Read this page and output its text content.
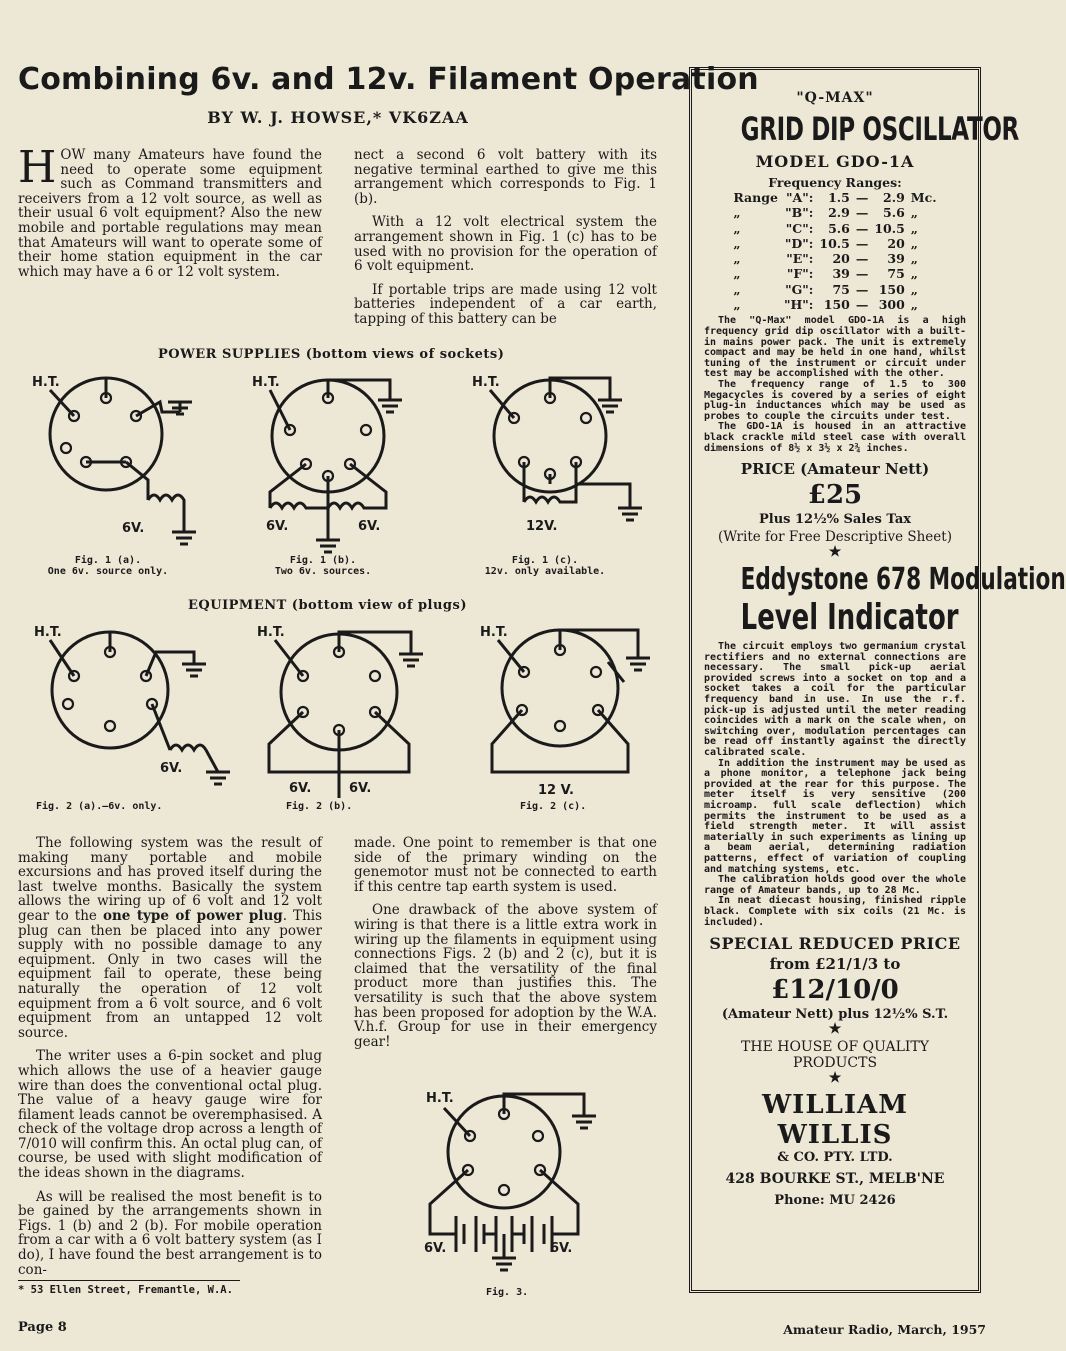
Combining 6v. and 12v. Filament Operation
BY W. J. HOWSE,* VK6ZAA

HOW many Amateurs have found the need to operate some equipment such as Command transmitters and receivers from a 12 volt source, as well as their usual 6 volt equipment? Also the new mobile and portable regulations may mean that Amateurs will want to operate some of their home station equipment in the car which may have a 6 or 12 volt system.

nect a second 6 volt battery with its negative terminal earthed to give me this arrangement which corresponds to Fig. 1 (b).

With a 12 volt electrical system the arrangement shown in Fig. 1 (c) has to be used with no provision for the operation of 6 volt equipment.

If portable trips are made using 12 volt batteries independent of a car earth, tapping of this battery can be

POWER SUPPLIES (bottom views of sockets)
H.T.
6V.
Fig. 1 (a).
One 6v. source only.
H.T.
6V.	6V.
Fig. 1 (b).
Two 6v. sources.
H.T.
12V.
Fig. 1 (c).
12v. only available.
EQUIPMENT (bottom view of plugs)
H.T.
6V.
Fig. 2 (a).—6v. only.
H.T.
6V.	6V.
Fig. 2 (b).
H.T.
12 V.
Fig. 2 (c).

The following system was the result of making many portable and mobile excursions and has proved itself during the last twelve months. Basically the system allows the wiring up of 6 volt and 12 volt gear to the one type of power plug. This plug can then be placed into any power supply with no possible damage to any equipment. Only in two cases will the equipment fail to operate, these being naturally the operation of 12 volt equipment from a 6 volt source, and 6 volt equipment from an untapped 12 volt source.

The writer uses a 6-pin socket and plug which allows the use of a heavier gauge wire than does the conventional octal plug. The value of a heavy gauge wire for filament leads cannot be overemphasised. A check of the voltage drop across a length of 7/010 will confirm this. An octal plug can, of course, be used with slight modification of the ideas shown in the diagrams.

As will be realised the most benefit is to be gained by the arrangements shown in Figs. 1 (b) and 2 (b). For mobile operation from a car with a 6 volt battery system (as I do), I have found the best arrangement is to con-

made. One point to remember is that one side of the primary winding on the genemotor must not be connected to earth if this centre tap earth system is used.

One drawback of the above system of wiring is that there is a little extra work in wiring up the filaments in equipment using connections Figs. 2 (b) and 2 (c), but it is claimed that the versatility of the final product more than justifies this. The versatility is such that the above system has been proposed for adoption by the W.A. V.h.f. Group for use in their emergency gear!

H.T.
6V.	6V.
Fig. 3.
* 53 Ellen Street, Fremantle, W.A.
Page 8	Amateur Radio, March, 1957
"Q-MAX"
GRID DIP OSCILLATOR
MODEL GDO-1A
Frequency Ranges:
Range	"A":	1.5	—	2.9	Mc.
„	"B":	2.9	—	5.6	„
„	"C":	5.6	—	10.5	„
„	"D":	10.5	—	20	„
„	"E":	20	—	39	„
„	"F":	39	—	75	„
„	"G":	75	—	150	„
„	"H":	150	—	300	„

The "Q-Max" model GDO-1A is a high frequency grid dip oscillator with a built-in mains power pack. The unit is extremely compact and may be held in one hand, whilst tuning of the instrument or circuit under test may be accomplished with the other.

The frequency range of 1.5 to 300 Megacycles is covered by a series of eight plug-in inductances which may be used as probes to couple the circuits under test.

The GDO-1A is housed in an attractive black crackle mild steel case with overall dimensions of 8½ x 3½ x 2¾ inches.

PRICE (Amateur Nett)
£25
Plus 12½% Sales Tax
(Write for Free Descriptive Sheet)
★
Eddystone 678 Modulation
Level Indicator

The circuit employs two germanium crystal rectifiers and no external connections are necessary. The small pick-up aerial provided screws into a socket on top and a socket takes a coil for the particular frequency band in use. In use the r.f. pick-up is adjusted until the meter reading coincides with a mark on the scale when, on switching over, modulation percentages can be read off instantly against the directly calibrated scale.

In addition the instrument may be used as a phone monitor, a telephone jack being provided at the rear for this purpose. The meter itself is very sensitive (200 microamp. full scale deflection) which permits the instrument to be used as a field strength meter. It will assist materially in such experiments as lining up a beam aerial, determining radiation patterns, effect of variation of coupling and matching systems, etc.

The calibration holds good over the whole range of Amateur bands, up to 28 Mc.

In neat diecast housing, finished ripple black. Complete with six coils (21 Mc. is included).

SPECIAL REDUCED PRICE
from £21/1/3 to
£12/10/0
(Amateur Nett) plus 12½% S.T.
★
THE HOUSE OF QUALITY
PRODUCTS
★
WILLIAM WILLIS
& CO. PTY. LTD.
428 BOURKE ST., MELB'NE
Phone: MU 2426
